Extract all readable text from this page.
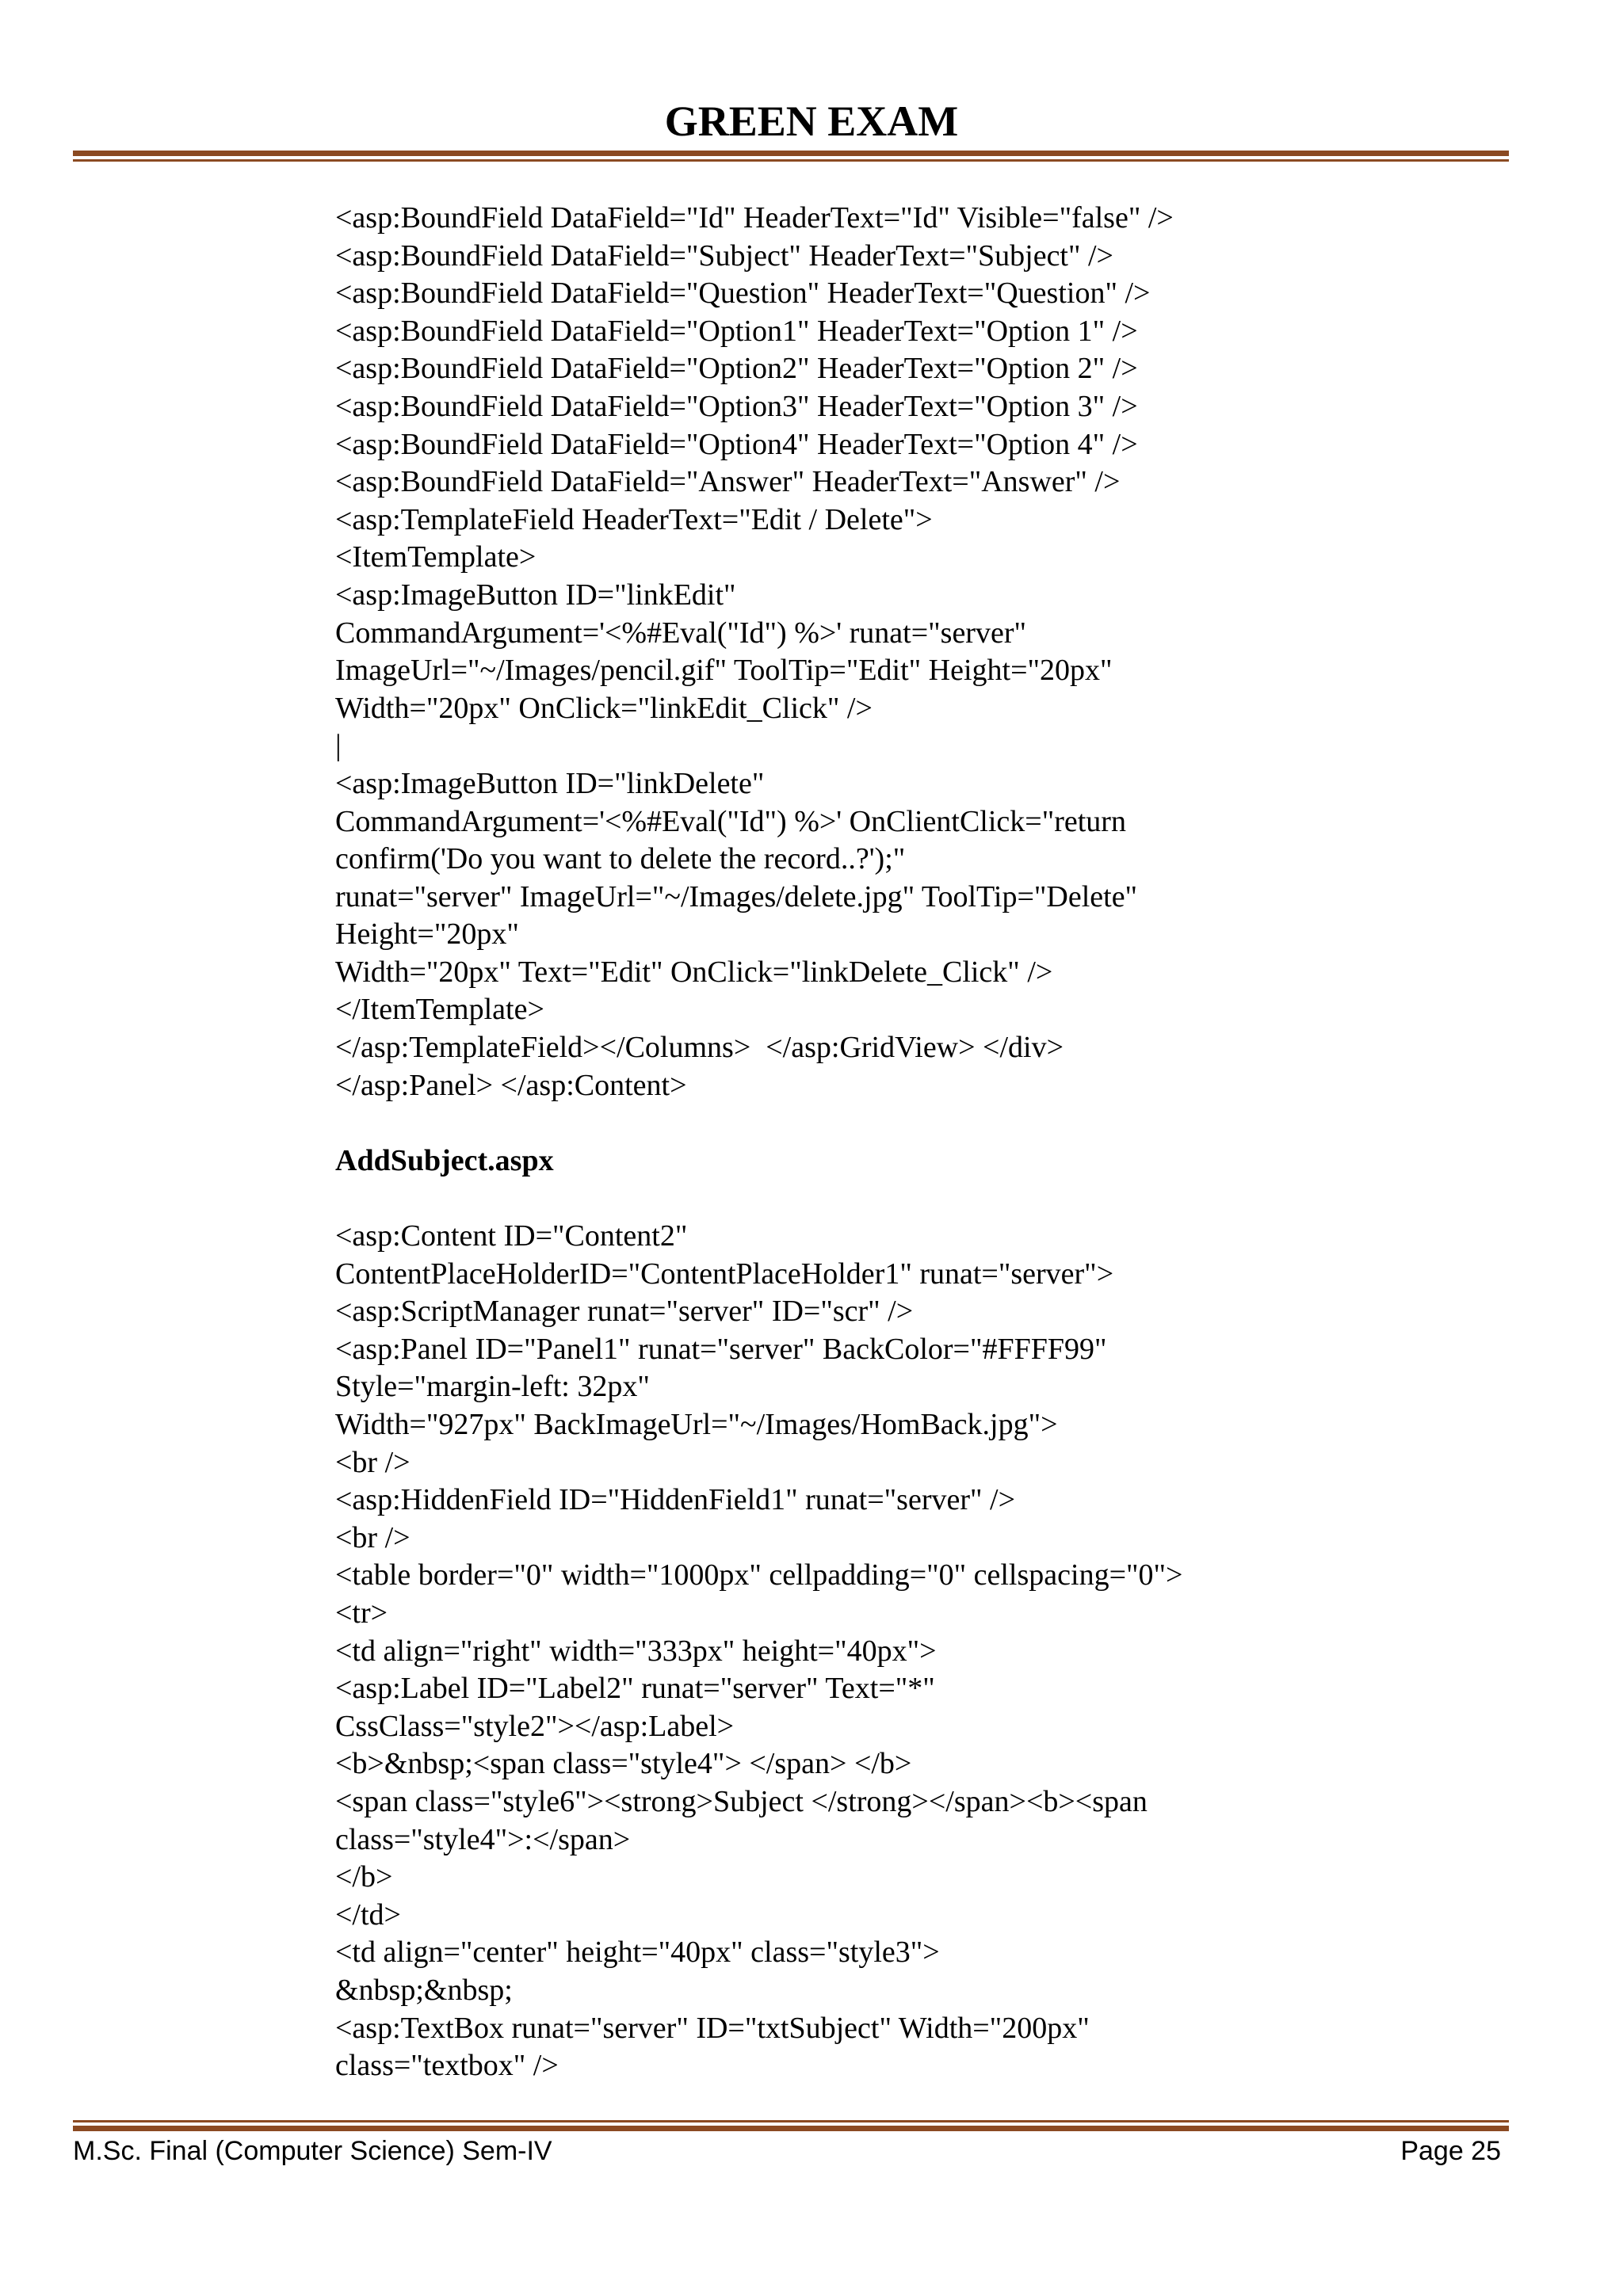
GREEN EXAM
<asp:BoundField DataField="Id" HeaderText="Id" Visible="false" />
<asp:BoundField DataField="Subject" HeaderText="Subject" />
<asp:BoundField DataField="Question" HeaderText="Question" />
<asp:BoundField DataField="Option1" HeaderText="Option 1" />
<asp:BoundField DataField="Option2" HeaderText="Option 2" />
<asp:BoundField DataField="Option3" HeaderText="Option 3" />
<asp:BoundField DataField="Option4" HeaderText="Option 4" />
<asp:BoundField DataField="Answer" HeaderText="Answer" />
<asp:TemplateField HeaderText="Edit / Delete">
<ItemTemplate>
<asp:ImageButton ID="linkEdit"
CommandArgument='<%#Eval("Id") %>' runat="server"
ImageUrl="~/Images/pencil.gif" ToolTip="Edit" Height="20px"
Width="20px" OnClick="linkEdit_Click" />
|
<asp:ImageButton ID="linkDelete"
CommandArgument='<%#Eval("Id") %>' OnClientClick="return
confirm('Do you want to delete the record..?');"
runat="server" ImageUrl="~/Images/delete.jpg" ToolTip="Delete"
Height="20px"
Width="20px" Text="Edit" OnClick="linkDelete_Click" />
</ItemTemplate>
</asp:TemplateField></Columns>  </asp:GridView> </div>
</asp:Panel> </asp:Content>
AddSubject.aspx
<asp:Content ID="Content2"
ContentPlaceHolderID="ContentPlaceHolder1" runat="server">
<asp:ScriptManager runat="server" ID="scr" />
<asp:Panel ID="Panel1" runat="server" BackColor="#FFFF99"
Style="margin-left: 32px"
Width="927px" BackImageUrl="~/Images/HomBack.jpg">
<br />
<asp:HiddenField ID="HiddenField1" runat="server" />
<br />
<table border="0" width="1000px" cellpadding="0" cellspacing="0">
<tr>
<td align="right" width="333px" height="40px">
<asp:Label ID="Label2" runat="server" Text="*"
CssClass="style2"></asp:Label>
<b>&nbsp;<span class="style4"> </span> </b>
<span class="style6"><strong>Subject </strong></span><b><span
class="style4">:</span>
</b>
</td>
<td align="center" height="40px" class="style3">
&nbsp;&nbsp;
<asp:TextBox runat="server" ID="txtSubject" Width="200px"
class="textbox" />
M.Sc. Final (Computer Science) Sem-IV	Page 25
